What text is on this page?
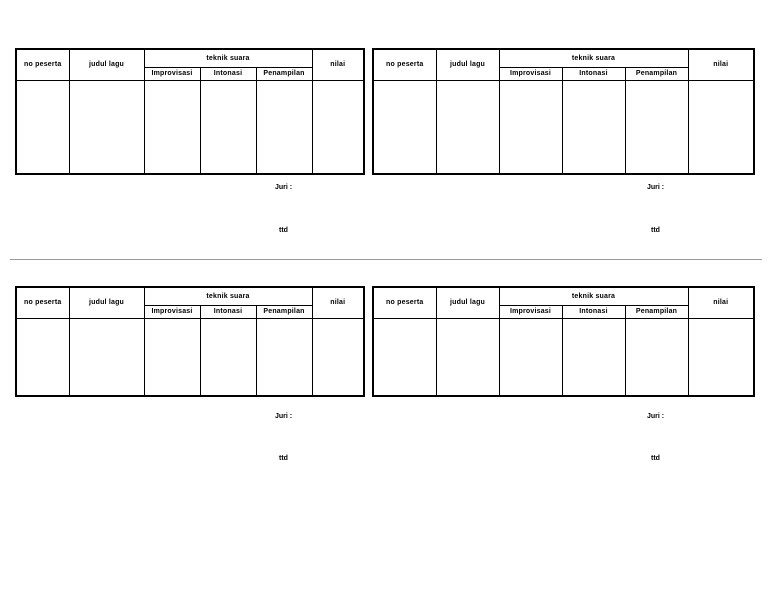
no peserta	judul lagu	teknik suara			nilai
		Improvisasi	Intonasi	Penampilan	

Juri :
ttd
no peserta	judul lagu	teknik suara			nilai
		Improvisasi	Intonasi	Penampilan	

Juri :
ttd
no peserta	judul lagu	teknik suara			nilai
		Improvisasi	Intonasi	Penampilan	

Juri :
ttd
no peserta	judul lagu	teknik suara			nilai
		Improvisasi	Intonasi	Penampilan	

Juri :
ttd
